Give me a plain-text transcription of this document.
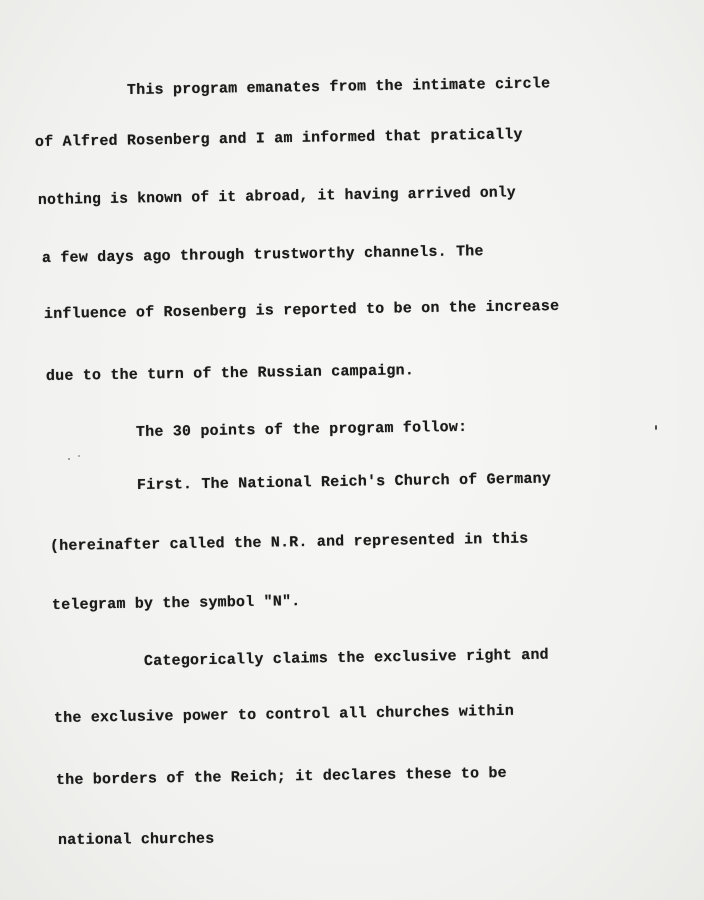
This program emanates from the intimate circle
of Alfred Rosenberg and I am informed that pratically
nothing is known of it abroad, it having arrived only
a few days ago through trustworthy channels. The
influence of Rosenberg is reported to be on the increase
due to the turn of the Russian campaign.
The 30 points of the program follow:
First. The National Reich's Church of Germany
(hereinafter called the N.R. and represented in this
telegram by the symbol "N".
Categorically claims the exclusive right and
the exclusive power to control all churches within
the borders of the Reich; it declares these to be
national churches
